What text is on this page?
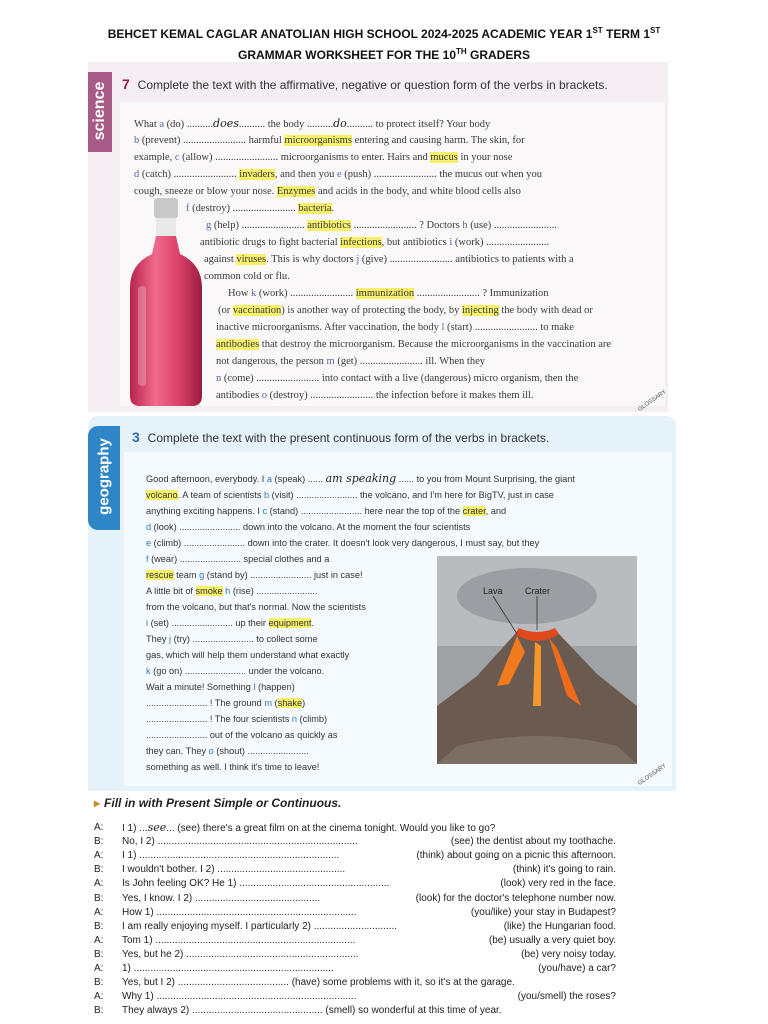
BEHCET KEMAL CAGLAR ANATOLIAN HIGH SCHOOL 2024-2025 ACADEMIC YEAR 1ST TERM 1ST
GRAMMAR WORKSHEET FOR THE 10TH GRADERS
science 7 Complete the text with the affirmative, negative or question form of the verbs in brackets.
What a (do) ..........does.......... the body ..........do.......... to protect itself? Your body
b (prevent) ........................ harmful microorganisms entering and causing harm. The skin, for
example, c (allow) ........................ microorganisms to enter. Hairs and mucus in your nose
d (catch) ........................ invaders, and then you e (push) ........................ the mucus out when you
cough, sneeze or blow your nose. Enzymes and acids in the body, and white blood cells also
f (destroy) ........................ bacteria.
g (help) ........................ antibiotics ........................ ? Doctors h (use) ........................
antibiotic drugs to fight bacterial infections, but antibiotics i (work) ........................
against viruses. This is why doctors j (give) ........................ antibiotics to patients with a
common cold or flu.
How k (work) ........................ immunization ........................ ? Immunization
(or vaccination) is another way of protecting the body, by injecting the body with dead or
inactive microorganisms. After vaccination, the body l (start) ........................ to make
antibodies that destroy the microorganism. Because the microorganisms in the vaccination are
not dangerous, the person m (get) ........................ ill. When they
n (come) ........................ into contact with a live (dangerous) micro organism, then the
antibodies o (destroy) ........................ the infection before it makes them ill.	GLOSSARY
geography
3 Complete the text with the present continuous form of the verbs in brackets.
Good afternoon, everybody. I a (speak) ...... am speaking ...... to you from Mount Surprising, the giant
volcano. A team of scientists b (visit) ........................ the volcano, and I'm here for BigTV, just in case
anything exciting happens. I c (stand) ........................ here near the top of the crater, and
d (look) ........................ down into the volcano. At the moment the four scientists
e (climb) ........................ down into the crater. It doesn't look very dangerous, I must say, but they
f (wear) ........................ special clothes and a
rescue team g (stand by) ........................ just in case!
A little bit of smoke h (rise) ........................
from the volcano, but that's normal. Now the scientists
i (set) ........................ up their equipment.
They j (try) ........................ to collect some
gas, which will help them understand what exactly
k (go on) ........................ under the volcano.
Wait a minute! Something l (happen)
........................ ! The ground m (shake)
........................ ! The four scientists n (climb)
........................ out of the volcano as quickly as
they can. They o (shout) ........................
something as well. I think it's time to leave!
Lava Crater
GLOSSARY
▸ Fill in with Present Simple or Continuous.
A:	I 1) ...see... (see) there's a great film on at the cinema tonight. Would you like to go?
B:	No, I 2) ........................................................................	(see) the dentist about my toothache.
A:	I 1) ........................................................................	(think) about going on a picnic this afternoon.
B:	I wouldn't bother. I 2) ..............................................	(think) it's going to rain.
A:	Is John feeling OK? He 1) ......................................................	(look) very red in the face.
B:	Yes, I know. I 2) .............................................	(look) for the doctor's telephone number now.
A:	How 1) ........................................................................	(you/like) your stay in Budapest?
B:	I am really enjoying myself. I particularly 2) ..............................	(like) the Hungarian food.
A:	Tom 1) ........................................................................	(be) usually a very quiet boy.
B:	Yes, but he 2) ..............................................................	(be) very noisy today.
A:	1) ........................................................................	(you/have) a car?
B:	Yes, but I 2) ........................................ (have) some problems with it, so it's at the garage.
A:	Why 1) ........................................................................	(you/smell) the roses?
B:	They always 2) ............................................... (smell) so wonderful at this time of year.
